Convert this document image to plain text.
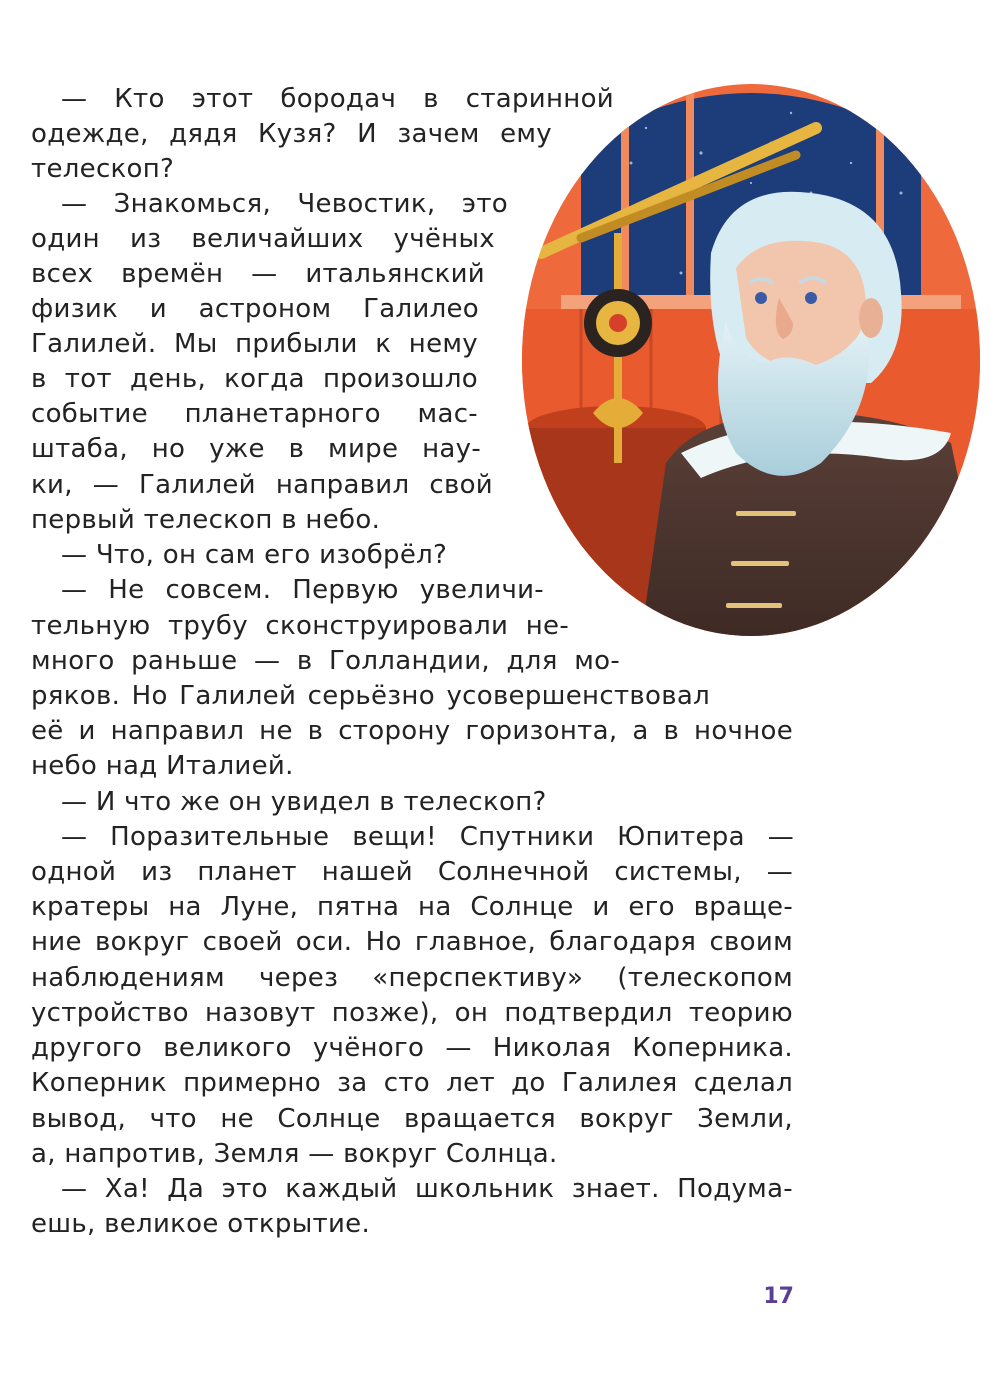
— Кто этот бородач в старинной
одежде, дядя Кузя? И зачем ему
телескоп?
— Знакомься, Чевостик, это
один из величайших учёных
всех времён — итальянский
физик и астроном Галилео
Галилей. Мы прибыли к нему
в тот день, когда произошло
событие планетарного мас-
штаба, но уже в мире нау-
ки, — Галилей направил свой
первый телескоп в небо.
— Что, он сам его изобрёл?
— Не совсем. Первую увеличи-
тельную трубу сконструировали не-
много раньше — в Голландии, для мо-
ряков. Но Галилей серьёзно усовершенствовал
её и направил не в сторону горизонта, а в ночное
небо над Италией.
— И что же он увидел в телескоп?
— Поразительные вещи! Спутники Юпитера —
одной из планет нашей Солнечной системы, —
кратеры на Луне, пятна на Солнце и его враще-
ние вокруг своей оси. Но главное, благодаря своим
наблюдениям через «перспективу» (телескопом
устройство назовут позже), он подтвердил теорию
другого великого учёного — Николая Коперника.
Коперник примерно за сто лет до Галилея сделал
вывод, что не Солнце вращается вокруг Земли,
а, напротив, Земля — вокруг Солнца.
— Ха! Да это каждый школьник знает. Подума-
ешь, великое открытие.
17
